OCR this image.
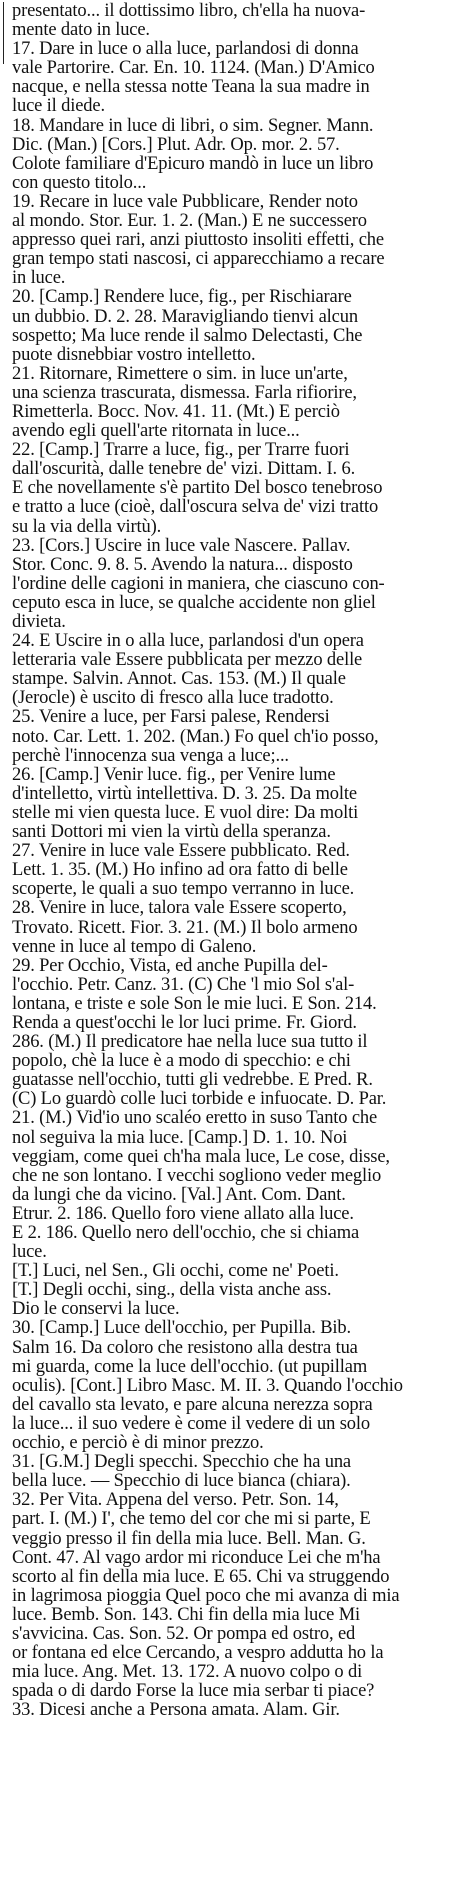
presentato... il dottissimo libro, ch'ella ha nuova-

mente dato in luce.

17. Dare in luce o alla luce, parlandosi di donna

vale Partorire. Car. En. 10. 1124. (Man.) D'Amico

nacque, e nella stessa notte Teana la sua madre in

luce il diede.

18. Mandare in luce di libri, o sim. Segner. Mann.

Dic. (Man.) [Cors.] Plut. Adr. Op. mor. 2. 57.

Colote familiare d'Epicuro mandò in luce un libro

con questo titolo...

19. Recare in luce vale Pubblicare, Render noto

al mondo. Stor. Eur. 1. 2. (Man.) E ne successero

appresso quei rari, anzi piuttosto insoliti effetti, che

gran tempo stati nascosi, ci apparecchiamo a recare

in luce.

20. [Camp.] Rendere luce, fig., per Rischiarare

un dubbio. D. 2. 28. Maravigliando tienvi alcun

sospetto; Ma luce rende il salmo Delectasti, Che

puote disnebbiar vostro intelletto.

21. Ritornare, Rimettere o sim. in luce un'arte,

una scienza trascurata, dismessa. Farla rifiorire,

Rimetterla. Bocc. Nov. 41. 11. (Mt.) E perciò

avendo egli quell'arte ritornata in luce...

22. [Camp.] Trarre a luce, fig., per Trarre fuori

dall'oscurità, dalle tenebre de' vizi. Dittam. I. 6.

E che novellamente s'è partito Del bosco tenebroso

e tratto a luce (cioè, dall'oscura selva de' vizi tratto

su la via della virtù).

23. [Cors.] Uscire in luce vale Nascere. Pallav.

Stor. Conc. 9. 8. 5. Avendo la natura... disposto

l'ordine delle cagioni in maniera, che ciascuno con-

ceputo esca in luce, se qualche accidente non gliel

divieta.

24. E Uscire in o alla luce, parlandosi d'un opera

letteraria vale Essere pubblicata per mezzo delle

stampe. Salvin. Annot. Cas. 153. (M.) Il quale

(Jerocle) è uscito di fresco alla luce tradotto.

25. Venire a luce, per Farsi palese, Rendersi

noto. Car. Lett. 1. 202. (Man.) Fo quel ch'io posso,

perchè l'innocenza sua venga a luce;...

26. [Camp.] Venir luce. fig., per Venire lume

d'intelletto, virtù intellettiva. D. 3. 25. Da molte

stelle mi vien questa luce. E vuol dire: Da molti

santi Dottori mi vien la virtù della speranza.

27. Venire in luce vale Essere pubblicato. Red.

Lett. 1. 35. (M.) Ho infino ad ora fatto di belle

scoperte, le quali a suo tempo verranno in luce.

28. Venire in luce, talora vale Essere scoperto,

Trovato. Ricett. Fior. 3. 21. (M.) Il bolo armeno

venne in luce al tempo di Galeno.

29. Per Occhio, Vista, ed anche Pupilla del-

l'occhio. Petr. Canz. 31. (C) Che 'l mio Sol s'al-

lontana, e triste e sole Son le mie luci. E Son. 214.

Renda a quest'occhi le lor luci prime. Fr. Giord.

286. (M.) Il predicatore hae nella luce sua tutto il

popolo, chè la luce è a modo di specchio: e chi

guatasse nell'occhio, tutti gli vedrebbe. E Pred. R.

(C) Lo guardò colle luci torbide e infuocate. D. Par.

21. (M.) Vid'io uno scaléo eretto in suso Tanto che

nol seguiva la mia luce. [Camp.] D. 1. 10. Noi

veggiam, come quei ch'ha mala luce, Le cose, disse,

che ne son lontano. I vecchi sogliono veder meglio

da lungi che da vicino. [Val.] Ant. Com. Dant.

Etrur. 2. 186. Quello foro viene allato alla luce.

E 2. 186. Quello nero dell'occhio, che si chiama

luce.

[T.] Luci, nel Sen., Gli occhi, come ne' Poeti.

[T.] Degli occhi, sing., della vista anche ass.

Dio le conservi la luce.

30. [Camp.] Luce dell'occhio, per Pupilla. Bib.

Salm 16. Da coloro che resistono alla destra tua

mi guarda, come la luce dell'occhio. (ut pupillam

oculis). [Cont.] Libro Masc. M. II. 3. Quando l'occhio

del cavallo sta levato, e pare alcuna nerezza sopra

la luce... il suo vedere è come il vedere di un solo

occhio, e perciò è di minor prezzo.

31. [G.M.] Degli specchi. Specchio che ha una

bella luce. — Specchio di luce bianca (chiara).

32. Per Vita. Appena del verso. Petr. Son. 14,

part. I. (M.) I', che temo del cor che mi si parte, E

veggio presso il fin della mia luce. Bell. Man. G.

Cont. 47. Al vago ardor mi riconduce Lei che m'ha

scorto al fin della mia luce. E 65. Chi va struggendo

in lagrimosa pioggia Quel poco che mi avanza di mia

luce. Bemb. Son. 143. Chi fin della mia luce Mi

s'avvicina. Cas. Son. 52. Or pompa ed ostro, ed

or fontana ed elce Cercando, a vespro addutta ho la

mia luce. Ang. Met. 13. 172. A nuovo colpo o di

spada o di dardo Forse la luce mia serbar ti piace?

33. Dicesi anche a Persona amata. Alam. Gir.
